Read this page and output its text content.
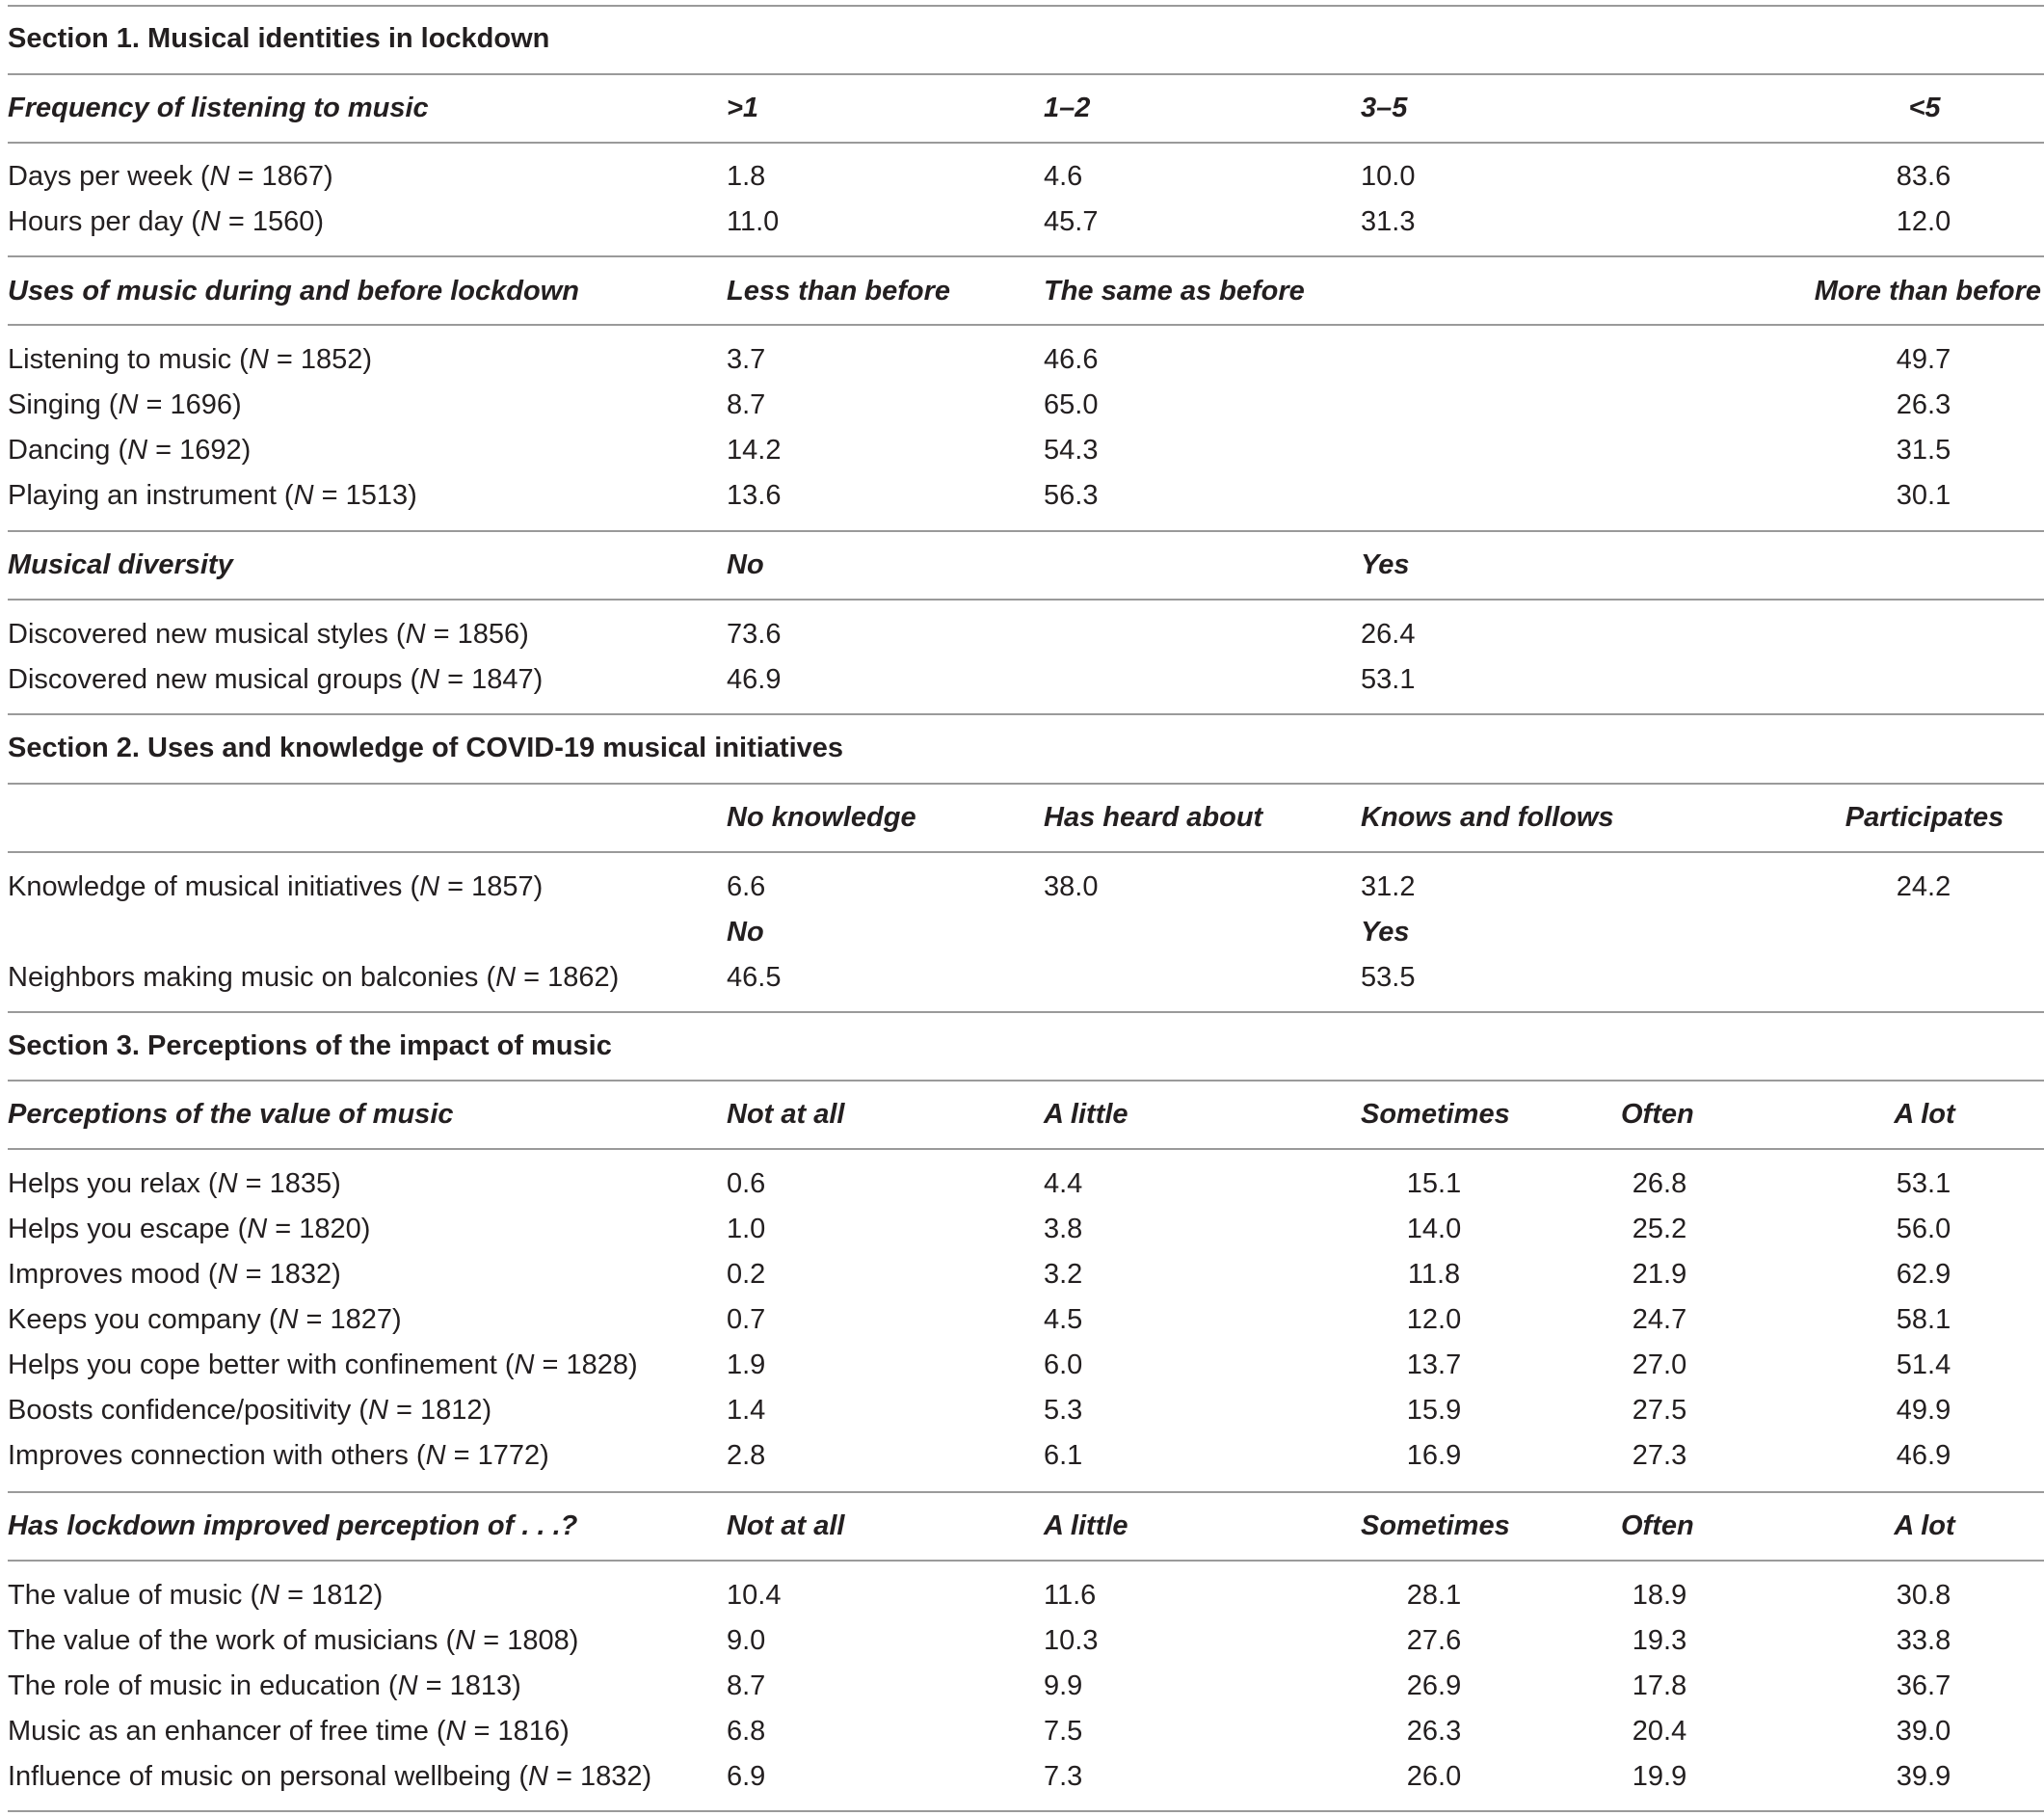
Section 1. Musical identities in lockdown
Frequency of listening to music	>1	1–2	3–5	<5
Days per week (N = 1867)	1.8	4.6	10.0	83.6
Hours per day (N = 1560)	11.0	45.7	31.3	12.0
Uses of music during and before lockdown	Less than before	The same as before	More than before
Listening to music (N = 1852)	3.7	46.6	49.7
Singing (N = 1696)	8.7	65.0	26.3
Dancing (N = 1692)	14.2	54.3	31.5
Playing an instrument (N = 1513)	13.6	56.3	30.1
Musical diversity	No	Yes
Discovered new musical styles (N = 1856)	73.6	26.4
Discovered new musical groups (N = 1847)	46.9	53.1
Section 2. Uses and knowledge of COVID-19 musical initiatives
No knowledge	Has heard about	Knows and follows	Participates
Knowledge of musical initiatives (N = 1857)	6.6	38.0	31.2	24.2
No	Yes
Neighbors making music on balconies (N = 1862)	46.5	53.5
Section 3. Perceptions of the impact of music
Perceptions of the value of music	Not at all	A little	Sometimes	Often	A lot
Helps you relax (N = 1835)	0.6	4.4	15.1	26.8	53.1
Helps you escape (N = 1820)	1.0	3.8	14.0	25.2	56.0
Improves mood (N = 1832)	0.2	3.2	11.8	21.9	62.9
Keeps you company (N = 1827)	0.7	4.5	12.0	24.7	58.1
Helps you cope better with confinement (N = 1828)	1.9	6.0	13.7	27.0	51.4
Boosts confidence/positivity (N = 1812)	1.4	5.3	15.9	27.5	49.9
Improves connection with others (N = 1772)	2.8	6.1	16.9	27.3	46.9
Has lockdown improved perception of . . .?	Not at all	A little	Sometimes	Often	A lot
The value of music (N = 1812)	10.4	11.6	28.1	18.9	30.8
The value of the work of musicians (N = 1808)	9.0	10.3	27.6	19.3	33.8
The role of music in education (N = 1813)	8.7	9.9	26.9	17.8	36.7
Music as an enhancer of free time (N = 1816)	6.8	7.5	26.3	20.4	39.0
Influence of music on personal wellbeing (N = 1832)	6.9	7.3	26.0	19.9	39.9
